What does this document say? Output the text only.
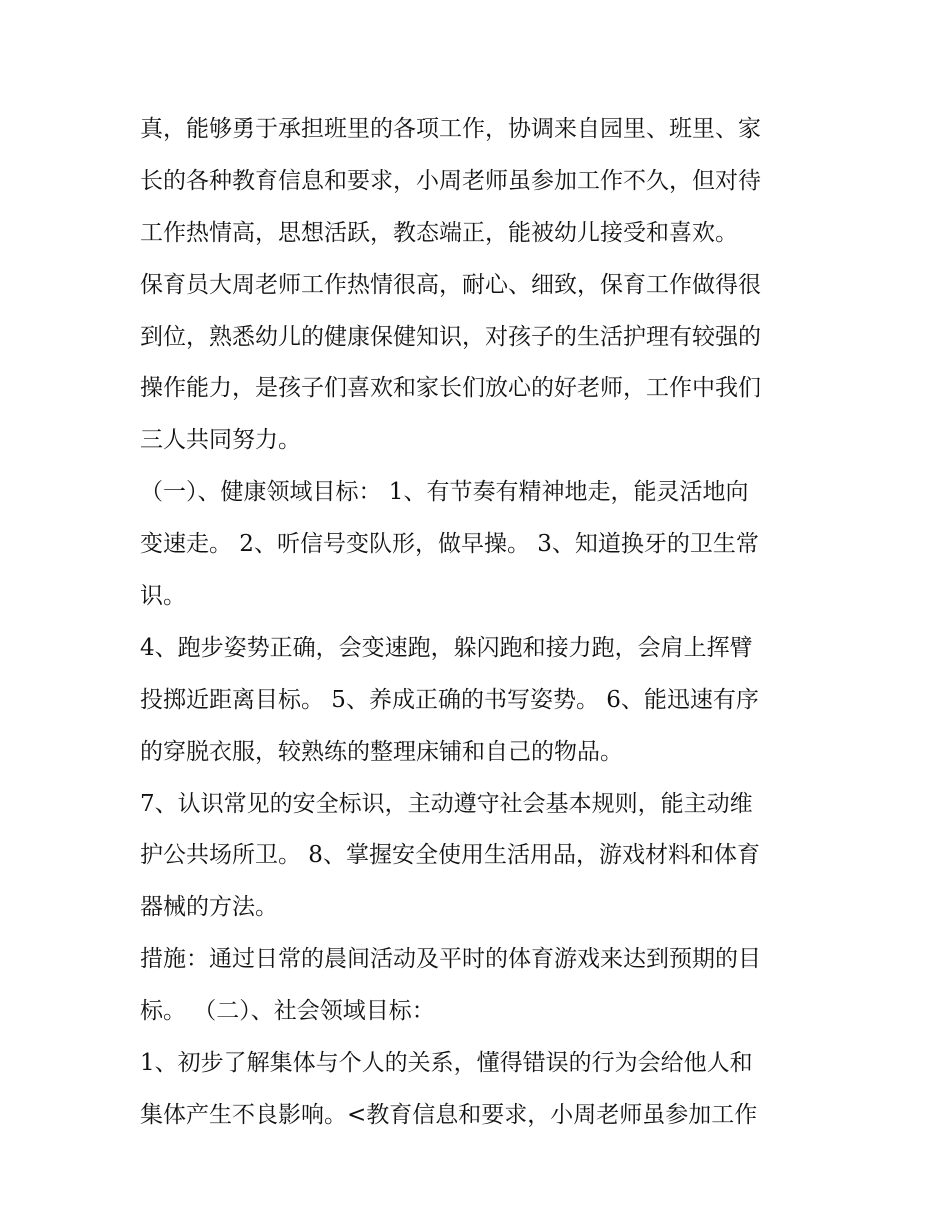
真，能够勇于承担班里的各项工作，协调来自园里、班里、家
长的各种教育信息和要求，小周老师虽参加工作不久，但对待
工作热情高，思想活跃，教态端正，能被幼儿接受和喜欢。
保育员大周老师工作热情很高，耐心、细致，保育工作做得很
到位，熟悉幼儿的健康保健知识，对孩子的生活护理有较强的
操作能力，是孩子们喜欢和家长们放心的好老师，工作中我们
三人共同努力。
（一）、健康领域目标： 1、有节奏有精神地走，能灵活地向
变速走。 2、听信号变队形，做早操。 3、知道换牙的卫生常
识。
4、跑步姿势正确，会变速跑，躲闪跑和接力跑，会肩上挥臂
投掷近距离目标。 5、养成正确的书写姿势。 6、能迅速有序
的穿脱衣服，较熟练的整理床铺和自己的物品。
7、认识常见的安全标识，主动遵守社会基本规则，能主动维
护公共场所卫。 8、掌握安全使用生活用品，游戏材料和体育
器械的方法。
措施：通过日常的晨间活动及平时的体育游戏来达到预期的目
标。 （二）、社会领域目标：
1、初步了解集体与个人的关系，懂得错误的行为会给他人和
集体产生不良影响。<教育信息和要求，小周老师虽参加工作
